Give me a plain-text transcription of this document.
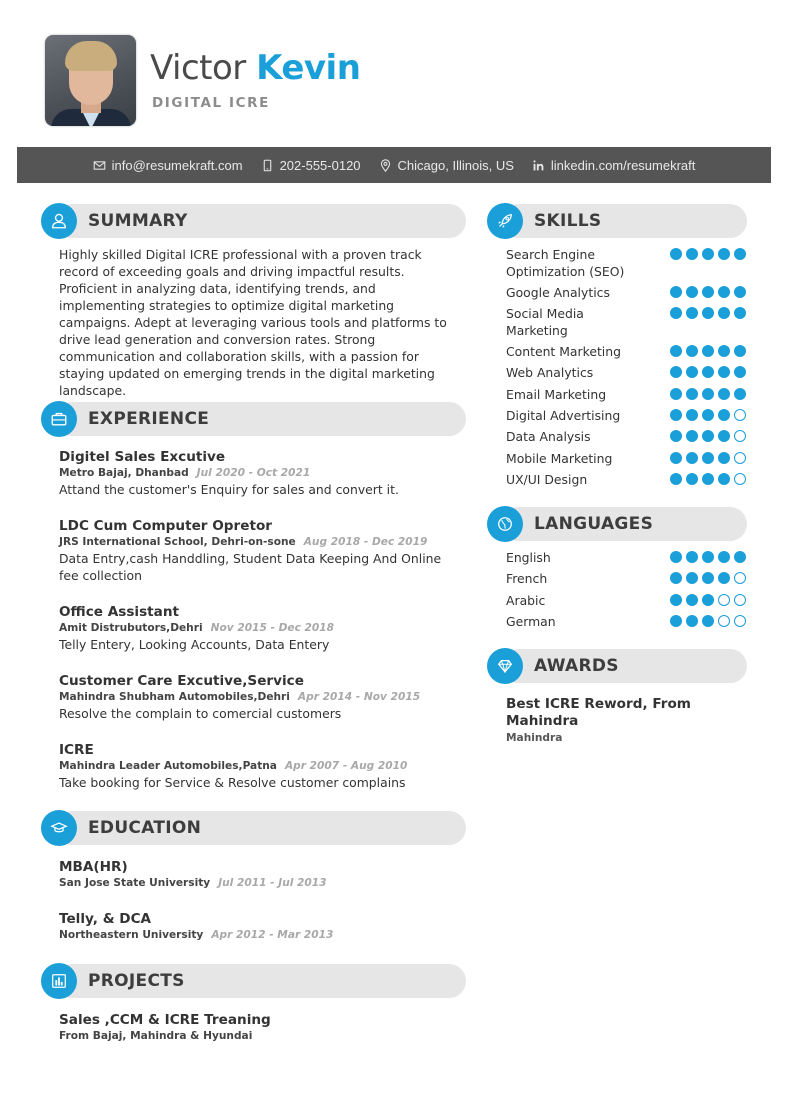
Victor Kevin
DIGITAL ICRE
info@resumekraft.com	202-555-0120	Chicago, Illinois, US	linkedin.com/resumekraft
SUMMARY
Highly skilled Digital ICRE professional with a proven track record of exceeding goals and driving impactful results. Proficient in analyzing data, identifying trends, and implementing strategies to optimize digital marketing campaigns. Adept at leveraging various tools and platforms to drive lead generation and conversion rates. Strong communication and collaboration skills, with a passion for staying updated on emerging trends in the digital marketing landscape.
EXPERIENCE
Digitel Sales Excutive
Metro Bajaj, Dhanbad Jul 2020 - Oct 2021
Attand the customer's Enquiry for sales and convert it.
LDC Cum Computer Opretor
JRS International School, Dehri-on-sone Aug 2018 - Dec 2019
Data Entry,cash Handdling, Student Data Keeping And Online fee collection
Office Assistant
Amit Distrubutors,Dehri Nov 2015 - Dec 2018
Telly Entery, Looking Accounts, Data Entery
Customer Care Excutive,Service
Mahindra Shubham Automobiles,Dehri Apr 2014 - Nov 2015
Resolve the complain to comercial customers
ICRE
Mahindra Leader Automobiles,Patna Apr 2007 - Aug 2010
Take booking for Service & Resolve customer complains
EDUCATION
MBA(HR)
San Jose State University Jul 2011 - Jul 2013
Telly, & DCA
Northeastern University Apr 2012 - Mar 2013
PROJECTS
Sales ,CCM & ICRE Treaning
From Bajaj, Mahindra & Hyundai
SKILLS
Search Engine Optimization (SEO)
Google Analytics
Social Media Marketing
Content Marketing
Web Analytics
Email Marketing
Digital Advertising
Data Analysis
Mobile Marketing
UX/UI Design
LANGUAGES
English
French
Arabic
German
AWARDS
Best ICRE Reword, From Mahindra
Mahindra
